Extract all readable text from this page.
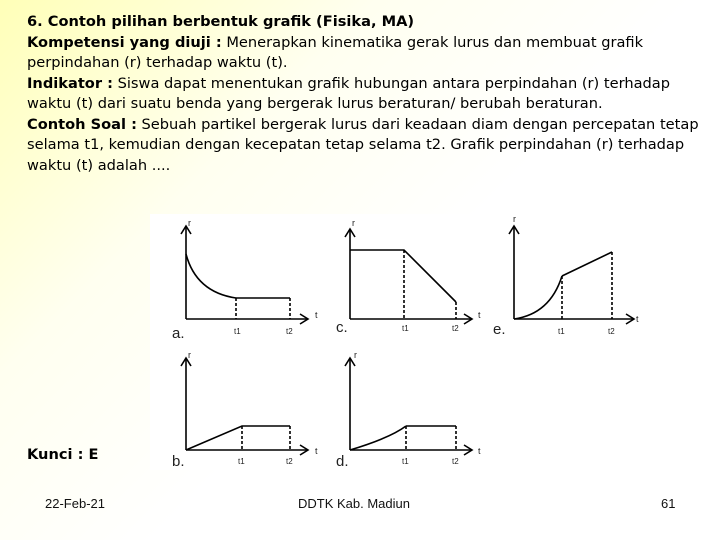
6. Contoh pilihan berbentuk grafik (Fisika, MA)

Kompetensi yang diuji : Menerapkan kinematika gerak lurus dan membuat grafik perpindahan (r) terhadap waktu (t).

Indikator : Siswa dapat menentukan grafik hubungan antara perpindahan (r) terhadap waktu (t) dari suatu benda yang bergerak lurus beraturan/ berubah beraturan.

Contoh Soal : Sebuah partikel bergerak lurus dari keadaan diam dengan percepatan tetap selama t1, kemudian dengan kecepatan tetap selama t2. Grafik perpindahan (r) terhadap waktu (t) adalah ....

r
t
a.	t1	t2
r
t
c.	t1	t2
r
t
e.	t1	t2
r
t
b.	t1	t2
r
t
d.	t1	t2
Kunci : E
22-Feb-21	DDTK Kab. Madiun	61
